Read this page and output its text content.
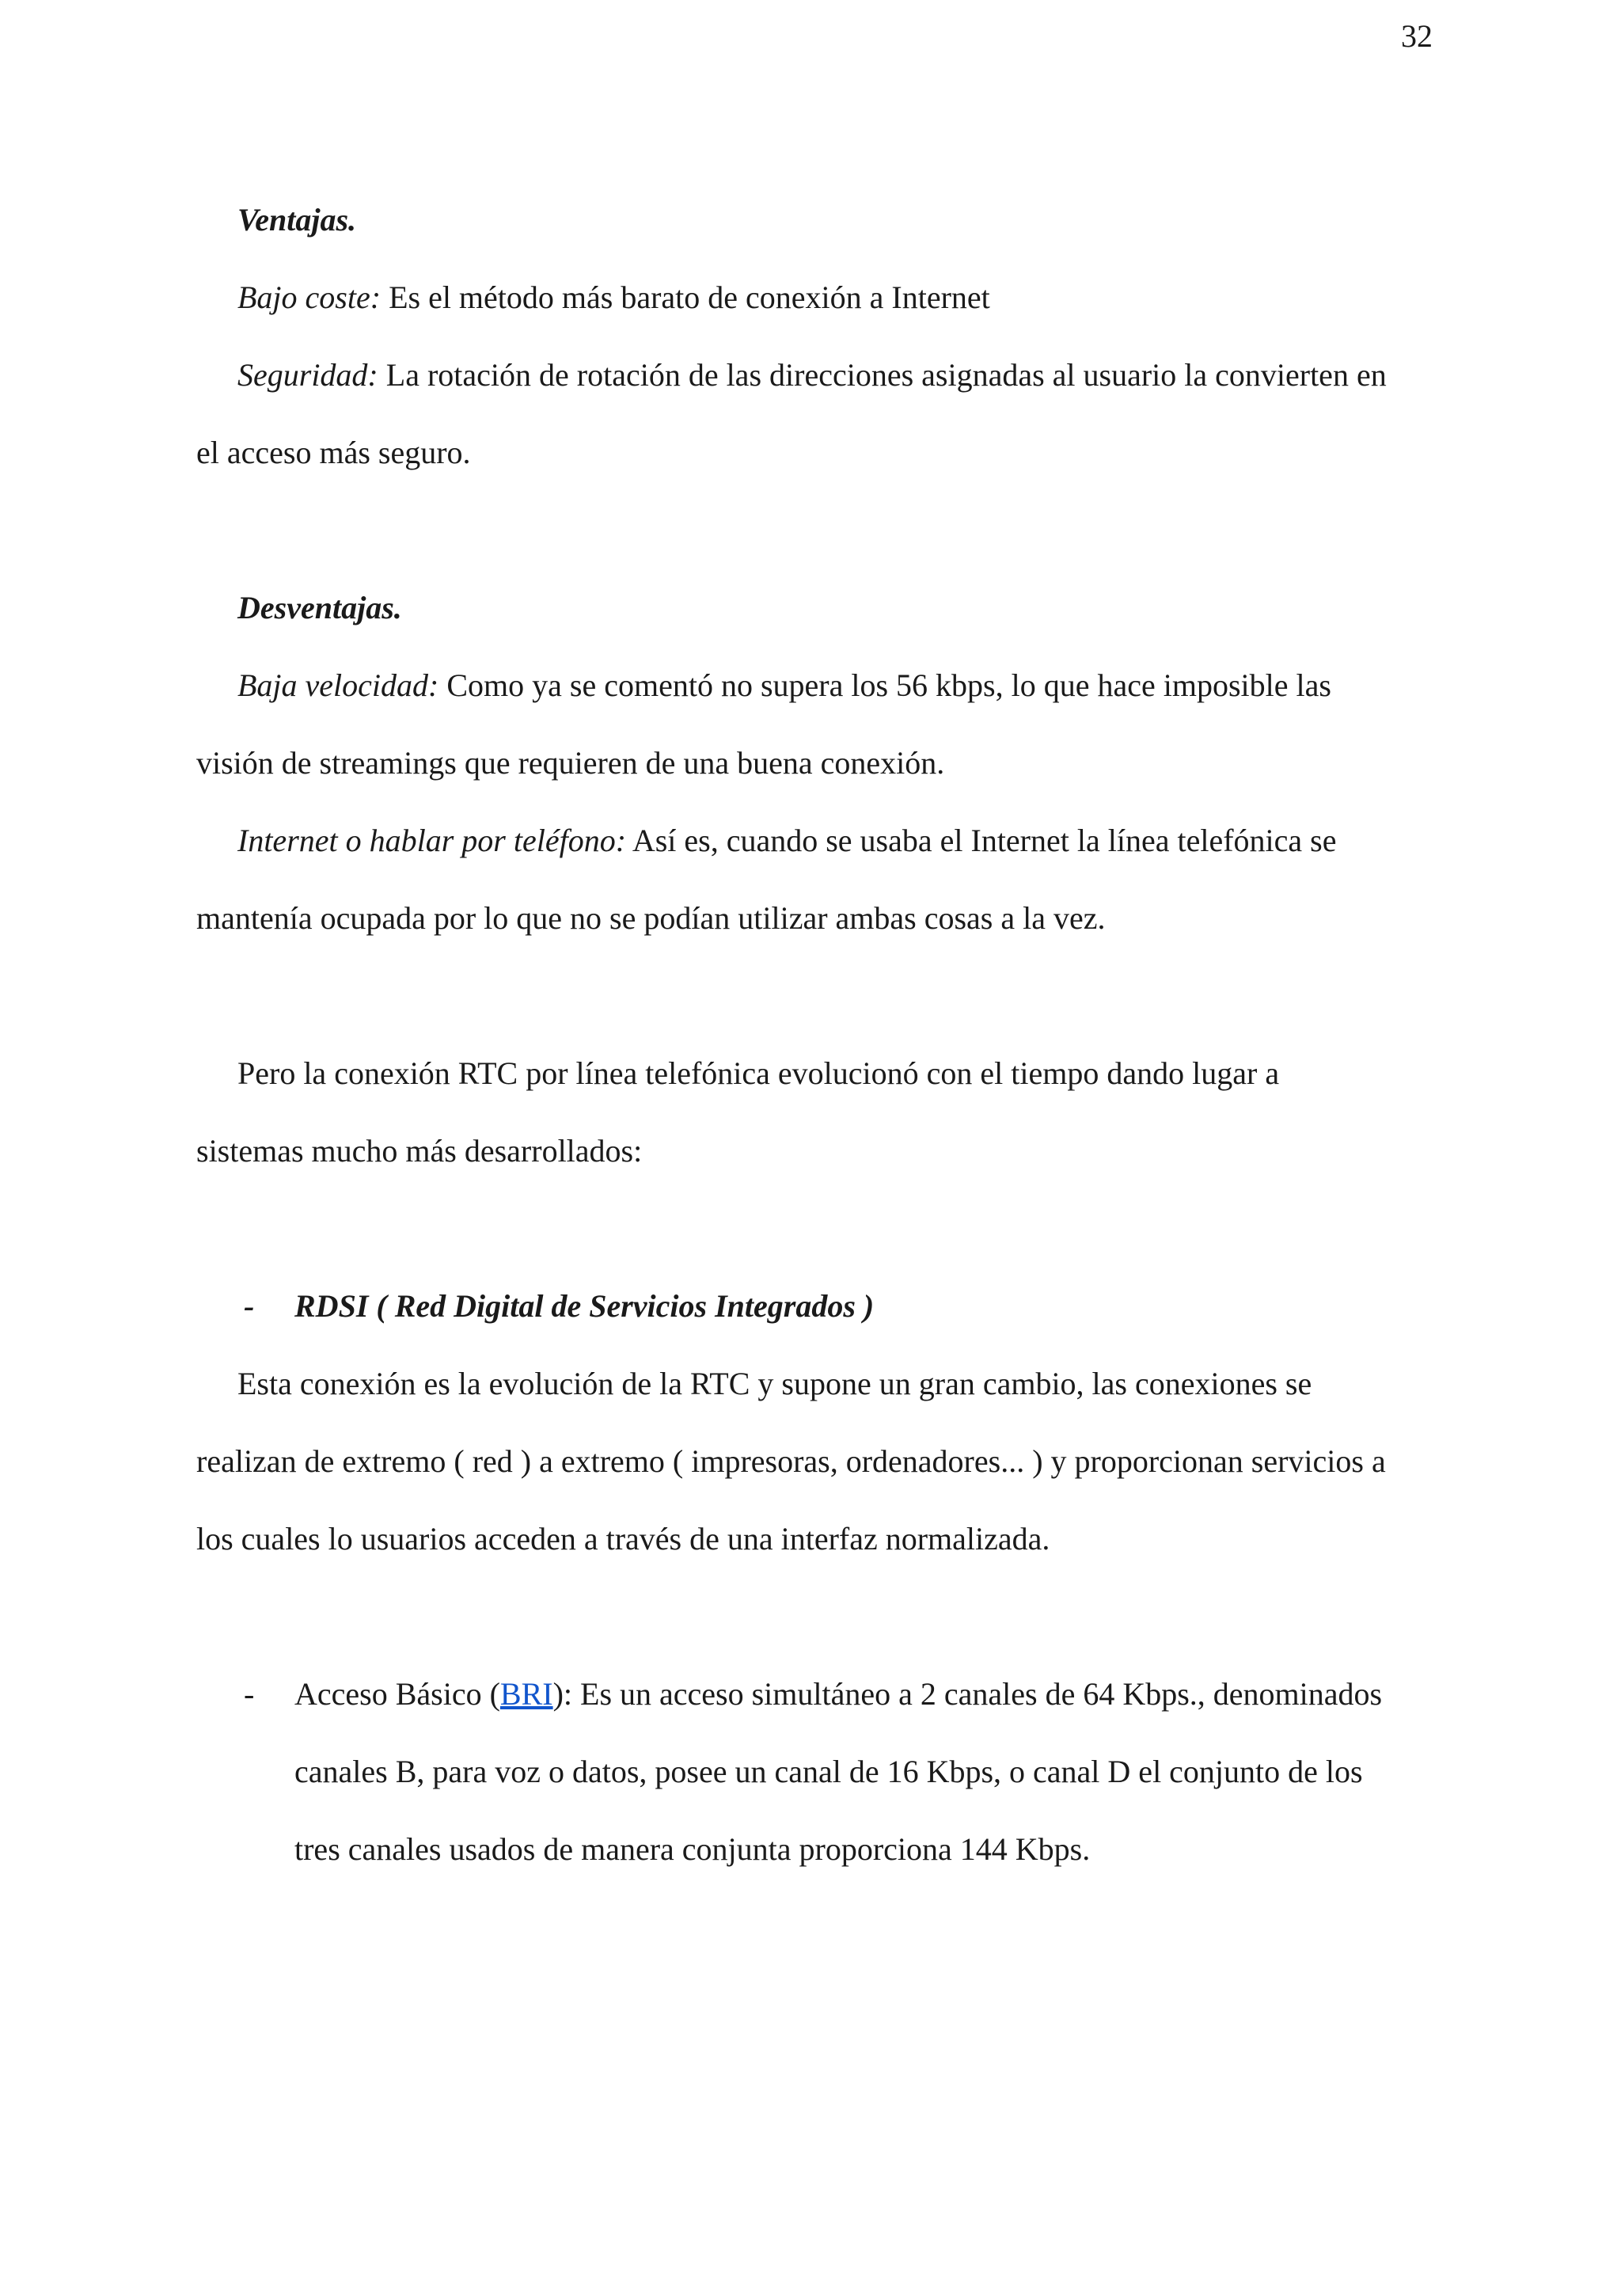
32
Ventajas.
Bajo coste: Es el método más barato de conexión a Internet
Seguridad: La rotación de rotación de las direcciones asignadas al usuario la convierten en
el acceso más seguro.
Desventajas.
Baja velocidad: Como ya se comentó no supera los 56 kbps, lo que hace imposible las
visión de streamings que requieren de una buena conexión.
Internet o hablar por teléfono: Así es, cuando se usaba el Internet la línea telefónica se
mantenía ocupada por lo que no se podían utilizar ambas cosas a la vez.
Pero la conexión RTC por línea telefónica evolucionó con el tiempo dando lugar a
sistemas mucho más desarrollados:
- RDSI ( Red Digital de Servicios Integrados )
Esta conexión es la evolución de la RTC y supone un gran cambio, las conexiones se
realizan de extremo ( red ) a extremo ( impresoras, ordenadores... ) y proporcionan servicios a
los cuales lo usuarios acceden a través de una interfaz normalizada.
- Acceso Básico (BRI): Es un acceso simultáneo a 2 canales de 64 Kbps., denominados
canales B, para voz o datos, posee un canal de 16 Kbps, o canal D el conjunto de los
tres canales usados de manera conjunta proporciona 144 Kbps.
